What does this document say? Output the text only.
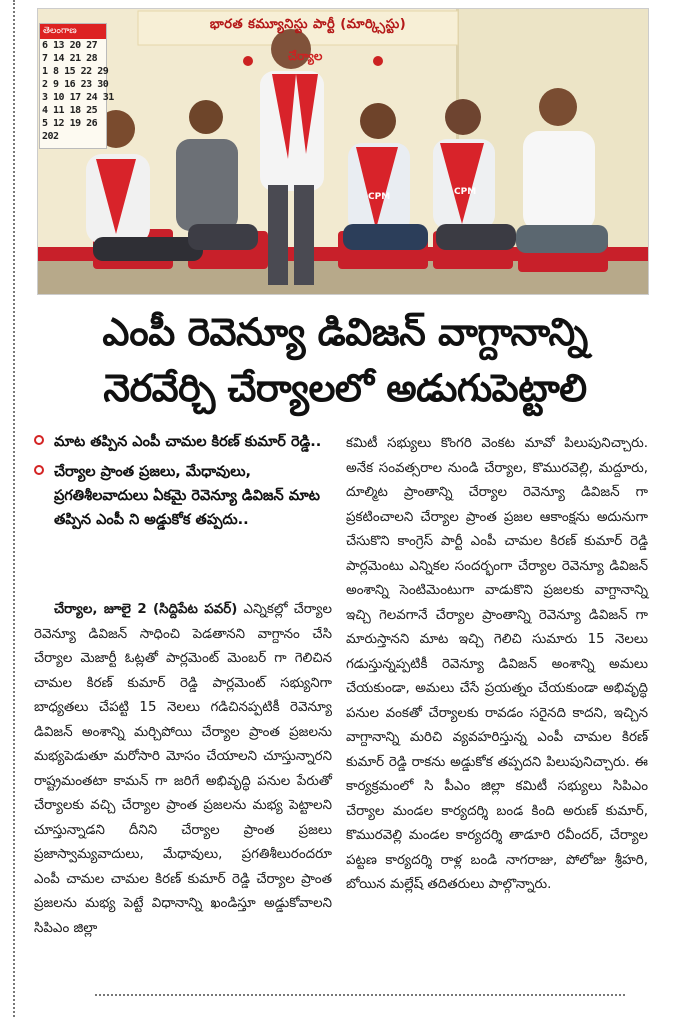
CPM	CPM
భారత కమ్యూనిస్టు పార్టీ (మార్క్సిస్టు)
చేర్యాల
తెలంగాణ
6 13 20 27
7 14 21 28
1 8 15 22 29
2 9 16 23 30
3 10 17 24 31
4 11 18 25
5 12 19 26
202
ఎంపీ రెవెన్యూ డివిజన్ వాగ్దానాన్ని
నెరవేర్చి చేర్యాలలో అడుగుపెట్టాలి
మాట తప్పిన ఎంపీ చామల కిరణ్ కుమార్ రెడ్డి..
చేర్యాల ప్రాంత ప్రజలు, మేధావులు, ప్రగతిశీలవాదులు ఏకమై రెవెన్యూ డివిజన్ మాట తప్పిన ఎంపీ ని అడ్డుకోక తప్పదు..
చేర్యాల, జూలై 2 (సిద్దిపేట పవర్) ఎన్నికల్లో చేర్యాల రెవెన్యూ డివిజన్ సాధించి పెడతానని వాగ్దానం చేసి చేర్యాల మెజార్టీ ఓట్లతో పార్లమెంట్ మెంబర్ గా గెలిచిన చామల కిరణ్ కుమార్ రెడ్డి పార్లమెంట్ సభ్యునిగా బాధ్యతలు చేపట్టి 15 నెలలు గడిచినప్పటికీ రెవెన్యూ డివిజన్ అంశాన్ని మర్చిపోయి చేర్యాల ప్రాంత ప్రజలను మభ్యపెడుతూ మరోసారి మోసం చేయాలని చూస్తున్నారని రాష్ట్రమంతటా కామన్ గా జరిగే అభివృద్ధి పనుల పేరుతో చేర్యాలకు వచ్చి చేర్యాల ప్రాంత ప్రజలను మభ్య పెట్టాలని చూస్తున్నాడని దీనిని చేర్యాల ప్రాంత ప్రజలు ప్రజాస్వామ్యవాదులు, మేధావులు, ప్రగతిశీలురందరూ ఎంపీ చామల చామల కిరణ్ కుమార్ రెడ్డి చేర్యాల ప్రాంత ప్రజలను మభ్య పెట్టే విధానాన్ని ఖండిస్తూ అడ్డుకోవాలని సిపిఎం జిల్లా
కమిటీ సభ్యులు కొంగరి వెంకట మావో పిలుపునిచ్చారు. అనేక సంవత్సరాల నుండి చేర్యాల, కొమురవెల్లి, మద్దూరు, దూల్మిట ప్రాంతాన్ని చేర్యాల రెవెన్యూ డివిజన్ గా ప్రకటించాలని చేర్యాల ప్రాంత ప్రజల ఆకాంక్షను అదునుగా చేసుకొని కాంగ్రెస్ పార్టీ ఎంపీ చామల కిరణ్ కుమార్ రెడ్డి పార్లమెంటు ఎన్నికల సందర్భంగా చేర్యాల రెవెన్యూ డివిజన్ అంశాన్ని సెంటిమెంటుగా వాడుకొని ప్రజలకు వాగ్దానాన్ని ఇచ్చి గెలవగానే చేర్యాల ప్రాంతాన్ని రెవెన్యూ డివిజన్ గా మారుస్తానని మాట ఇచ్చి గెలిచి సుమారు 15 నెలలు గడుస్తున్నప్పటికీ రెవెన్యూ డివిజన్ అంశాన్ని అమలు చేయకుండా, అమలు చేసే ప్రయత్నం చేయకుండా అభివృద్ధి పనుల వంకతో చేర్యాలకు రావడం సరైనది కాదని, ఇచ్చిన వాగ్దానాన్ని మరిచి వ్యవహరిస్తున్న ఎంపీ చామల కిరణ్ కుమార్ రెడ్డి రాకను అడ్డుకోక తప్పదని పిలుపునిచ్చారు. ఈ కార్యక్రమంలో సి పీఎం జిల్లా కమిటీ సభ్యులు సిపిఎం చేర్యాల మండల కార్యదర్శి బండ కింది అరుణ్ కుమార్, కొమురవెల్లి మండల కార్యదర్శి తాడూరి రవీందర్, చేర్యాల పట్టణ కార్యదర్శి రాళ్ల బండి నాగరాజు, పోలోజు శ్రీహరి, బోయిన మల్లేష్ తదితరులు పాల్గొన్నారు.
